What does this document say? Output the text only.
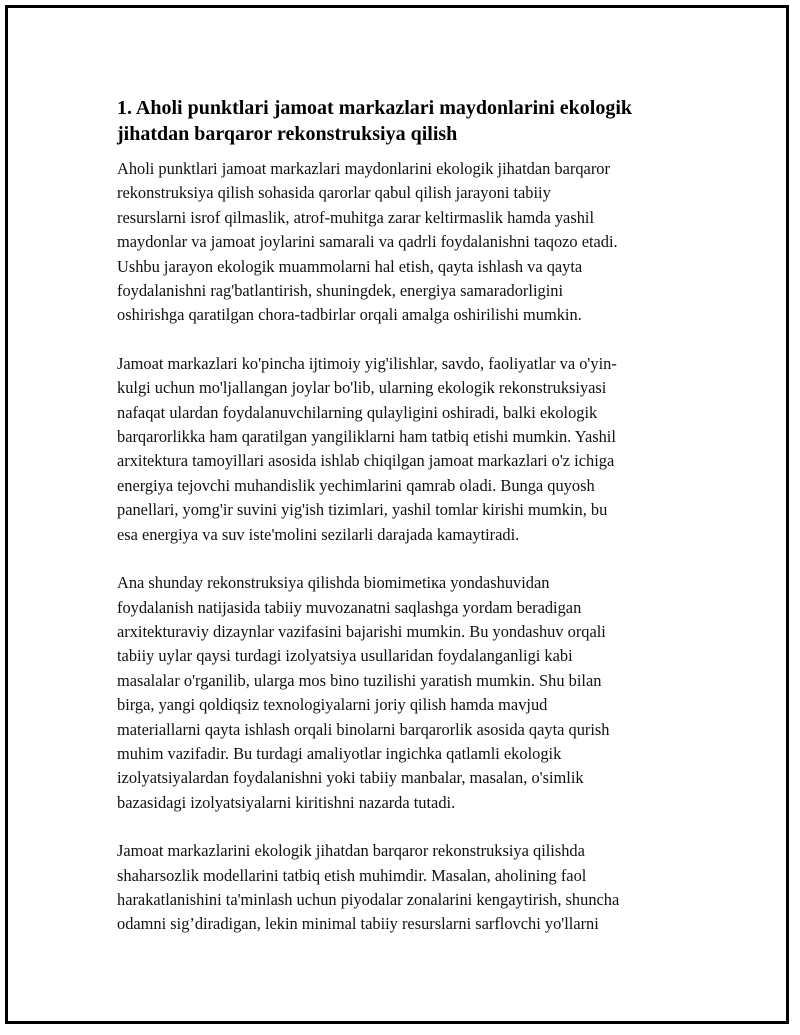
1. Aholi punktlari jamoat markazlari maydonlarini ekologik
jihatdan barqaror rekonstruksiya qilish

Aholi punktlari jamoat markazlari maydonlarini ekologik jihatdan barqaror
rekonstruksiya qilish sohasida qarorlar qabul qilish jarayoni tabiiy
resurslarni isrof qilmaslik, atrof-muhitga zarar keltirmaslik hamda yashil
maydonlar va jamoat joylarini samarali va qadrli foydalanishni taqozo etadi.
Ushbu jarayon ekologik muammolarni hal etish, qayta ishlash va qayta
foydalanishni rag'batlantirish, shuningdek, energiya samaradorligini
oshirishga qaratilgan chora-tadbirlar orqali amalga oshirilishi mumkin.

Jamoat markazlari ko'pincha ijtimoiy yig'ilishlar, savdo, faoliyatlar va o'yin-
kulgi uchun mo'ljallangan joylar bo'lib, ularning ekologik rekonstruksiyasi
nafaqat ulardan foydalanuvchilarning qulayligini oshiradi, balki ekologik
barqarorlikka ham qaratilgan yangiliklarni ham tatbiq etishi mumkin. Yashil
arxitektura tamoyillari asosida ishlab chiqilgan jamoat markazlari o'z ichiga
energiya tejovchi muhandislik yechimlarini qamrab oladi. Bunga quyosh
panellari, yomg'ir suvini yig'ish tizimlari, yashil tomlar kirishi mumkin, bu
esa energiya va suv iste'molini sezilarli darajada kamaytiradi.

Ana shunday rekonstruksiya qilishda biomimetiка yondashuvidan
foydalanish natijasida tabiiy muvozanatni saqlashga yordam beradigan
arxitekturaviy dizaynlar vazifasini bajarishi mumkin. Bu yondashuv orqali
tabiiy uylar qaysi turdagi izolyatsiya usullaridan foydalanganligi kabi
masalalar o'rganilib, ularga mos bino tuzilishi yaratish mumkin. Shu bilan
birga, yangi qoldiqsiz texnologiyalarni joriy qilish hamda mavjud
materiallarni qayta ishlash orqali binolarni barqarorlik asosida qayta qurish
muhim vazifadir. Bu turdagi amaliyotlar ingichka qatlamli ekologik
izolyatsiyalardan foydalanishni yoki tabiiy manbalar, masalan, o'simlik
bazasidagi izolyatsiyalarni kiritishni nazarda tutadi.

Jamoat markazlarini ekologik jihatdan barqaror rekonstruksiya qilishda
shaharsozlik modellarini tatbiq etish muhimdir. Masalan, aholining faol
harakatlanishini ta'minlash uchun piyodalar zonalarini kengaytirish, shuncha
odamni sig’diradigan, lekin minimal tabiiy resurslarni sarflovchi yo'llarni
